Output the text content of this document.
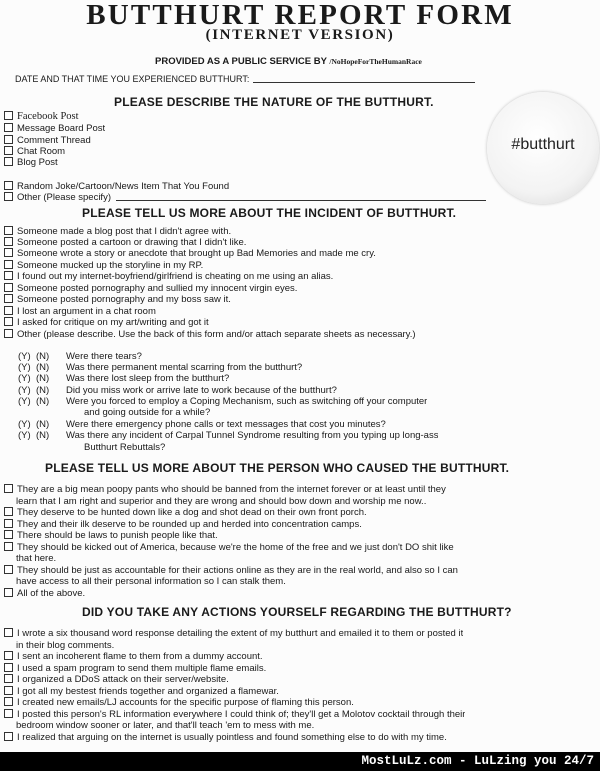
BUTTHURT REPORT FORM
(INTERNET VERSION)
PROVIDED AS A PUBLIC SERVICE BY /NoHopeForTheHumanRace
DATE AND THAT TIME YOU EXPERIENCED BUTTHURT:
#butthurt
PLEASE DESCRIBE THE NATURE OF THE BUTTHURT.
Facebook Post
Message Board Post
Comment Thread
Chat Room
Blog Post
Random Joke/Cartoon/News Item That You Found
Other (Please specify)
PLEASE TELL US MORE ABOUT THE INCIDENT OF BUTTHURT.
Someone made a blog post that I didn't agree with.
Someone posted a cartoon or drawing that I didn't like.
Someone wrote a story or anecdote that brought up Bad Memories and made me cry.
Someone mucked up the storyline in my RP.
I found out my internet-boyfriend/girlfriend is cheating on me using an alias.
Someone posted pornography and sullied my innocent virgin eyes.
Someone posted pornography and my boss saw it.
I lost an argument in a chat room
I asked for critique on my art/writing and got it
Other (please describe. Use the back of this form and/or attach separate sheets as necessary.)
(Y) (N) Were there tears?
(Y) (N) Was there permanent mental scarring from the butthurt?
(Y) (N) Was there lost sleep from the butthurt?
(Y) (N) Did you miss work or arrive late to work because of the butthurt?
(Y) (N) Were you forced to employ a Coping Mechanism, such as switching off your computer
and going outside for a while?
(Y) (N) Were there emergency phone calls or text messages that cost you minutes?
(Y) (N) Was there any incident of Carpal Tunnel Syndrome resulting from you typing up long-ass
Butthurt Rebuttals?
PLEASE TELL US MORE ABOUT THE PERSON WHO CAUSED THE BUTTHURT.
They are a big mean poopy pants who should be banned from the internet forever or at least until they
learn that I am right and superior and they are wrong and should bow down and worship me now..
They deserve to be hunted down like a dog and shot dead on their own front porch.
They and their ilk deserve to be rounded up and herded into concentration camps.
There should be laws to punish people like that.
They should be kicked out of America, because we're the home of the free and we just don't DO shit like
that here.
They should be just as accountable for their actions online as they are in the real world, and also so I can
have access to all their personal information so I can stalk them.
All of the above.
DID YOU TAKE ANY ACTIONS YOURSELF REGARDING THE BUTTHURT?
I wrote a six thousand word response detailing the extent of my butthurt and emailed it to them or posted it
in their blog comments.
I sent an incoherent flame to them from a dummy account.
I used a spam program to send them multiple flame emails.
I organized a DDoS attack on their server/website.
I got all my bestest friends together and organized a flamewar.
I created new emails/LJ accounts for the specific purpose of flaming this person.
I posted this person's RL information everywhere I could think of; they'll get a Molotov cocktail through their
bedroom window sooner or later, and that'll teach 'em to mess with me.
I realized that arguing on the internet is usually pointless and found something else to do with my time.
MostLuLz.com - LuLzing you 24/7
